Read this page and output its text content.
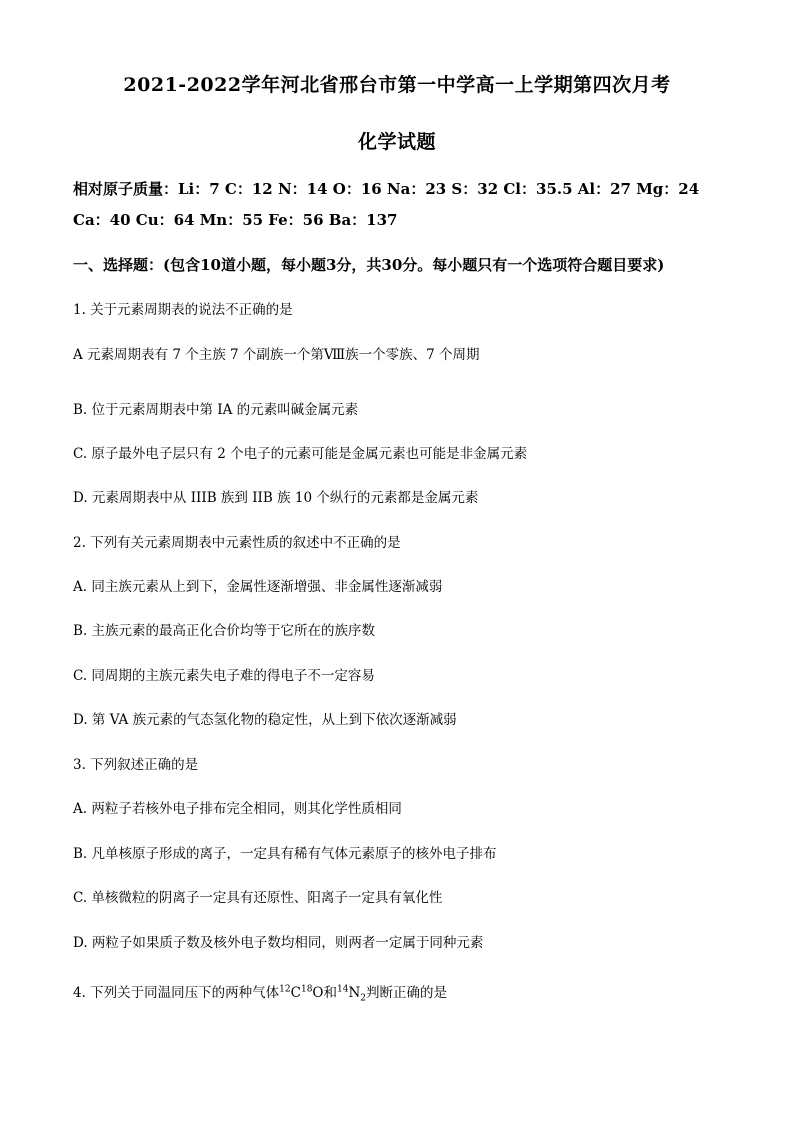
2021-2022学年河北省邢台市第一中学高一上学期第四次月考
化学试题
相对原子质量：Li：7 C：12 N：14 O：16 Na：23 S：32 Cl：35.5 Al：27 Mg：24
Ca：40 Cu：64 Mn：55 Fe：56 Ba：137
一、选择题：(包含10道小题，每小题3分，共30分。每小题只有一个选项符合题目要求)
1. 关于元素周期表的说法不正确的是
A 元素周期表有 7 个主族 7 个副族一个第Ⅷ族一个零族、7 个周期
B. 位于元素周期表中第 IA 的元素叫碱金属元素
C. 原子最外电子层只有 2 个电子的元素可能是金属元素也可能是非金属元素
D. 元素周期表中从 IIIB 族到 IIB 族 10 个纵行的元素都是金属元素
2. 下列有关元素周期表中元素性质的叙述中不正确的是
A. 同主族元素从上到下，金属性逐渐增强、非金属性逐渐减弱
B. 主族元素的最高正化合价均等于它所在的族序数
C. 同周期的主族元素失电子难的得电子不一定容易
D. 第 VA 族元素的气态氢化物的稳定性，从上到下依次逐渐减弱
3. 下列叙述正确的是
A. 两粒子若核外电子排布完全相同，则其化学性质相同
B. 凡单核原子形成的离子，一定具有稀有气体元素原子的核外电子排布
C. 单核微粒的阴离子一定具有还原性、阳离子一定具有氧化性
D. 两粒子如果质子数及核外电子数均相同，则两者一定属于同种元素
4. 下列关于同温同压下的两种气体$^{12}C^{18}O$和$^{14}N_2$判断正确的是
